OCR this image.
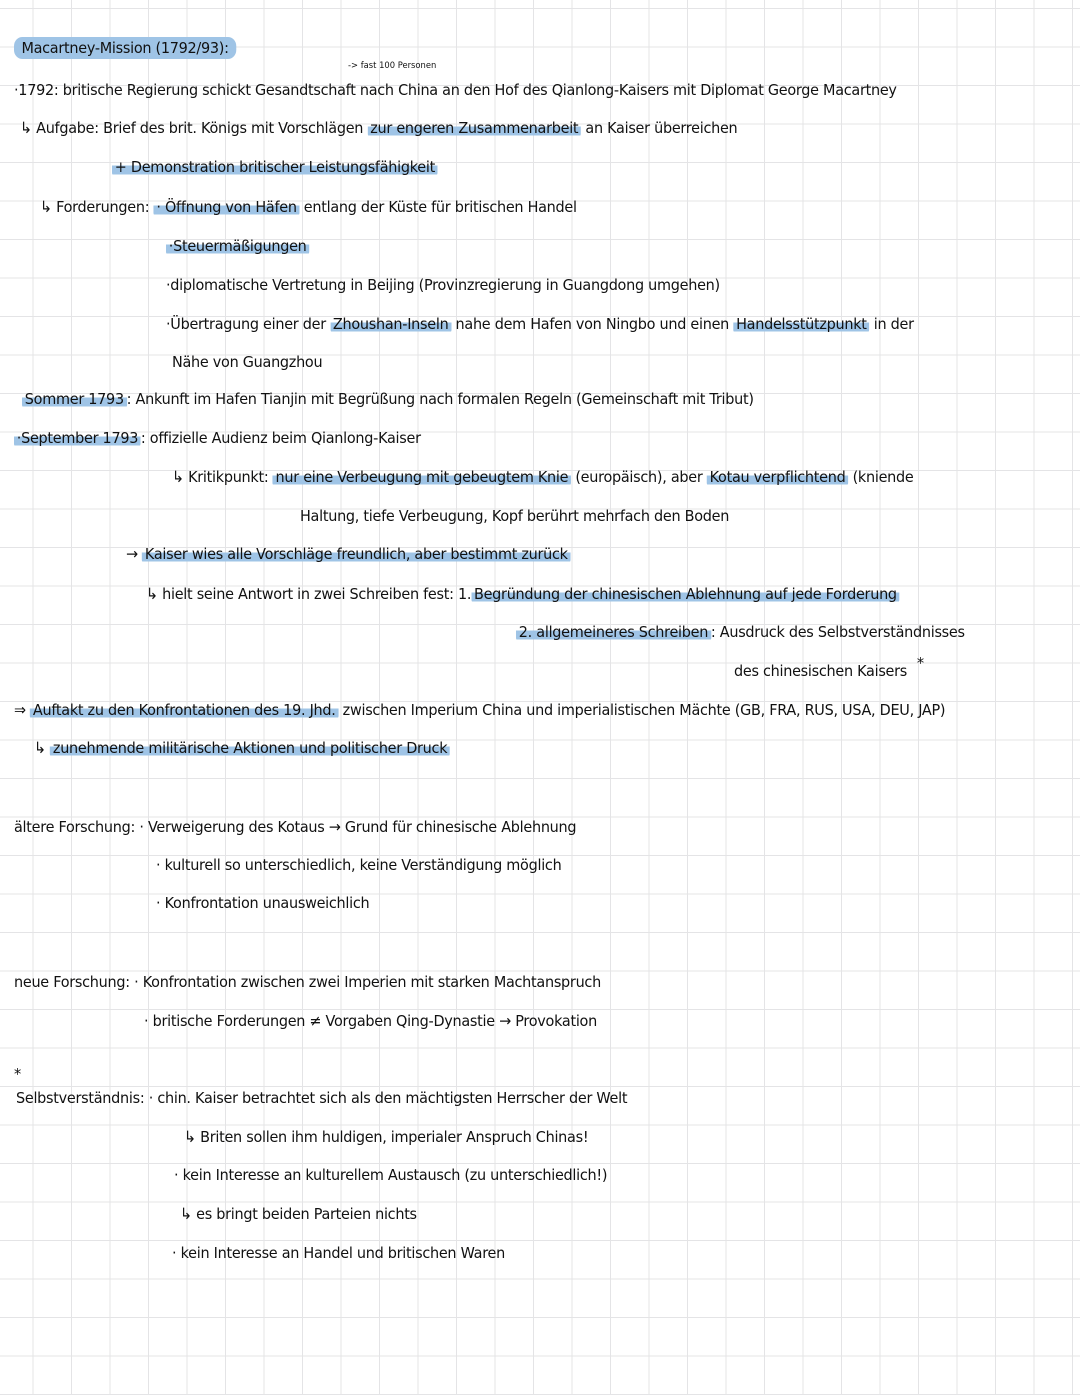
Macartney-Mission (1792/93):
-> fast 100 Personen
·1792: britische Regierung schickt Gesandtschaft nach China an den Hof des Qianlong-Kaisers mit Diplomat George Macartney
↳ Aufgabe: Brief des brit. Königs mit Vorschlägen zur engeren Zusammenarbeit an Kaiser überreichen
+ Demonstration britischer Leistungsfähigkeit
↳ Forderungen: · Öffnung von Häfen entlang der Küste für britischen Handel
·Steuermäßigungen
·diplomatische Vertretung in Beijing (Provinzregierung in Guangdong umgehen)
·Übertragung einer der Zhoushan-Inseln nahe dem Hafen von Ningbo und einen Handelsstützpunkt in der
Nähe von Guangzhou
Sommer 1793 : Ankunft im Hafen Tianjin mit Begrüßung nach formalen Regeln (Gemeinschaft mit Tribut)
·September 1793 : offizielle Audienz beim Qianlong-Kaiser
↳ Kritikpunkt: nur eine Verbeugung mit gebeugtem Knie (europäisch), aber Kotau verpflichtend (kniende
Haltung, tiefe Verbeugung, Kopf berührt mehrfach den Boden
→ Kaiser wies alle Vorschläge freundlich, aber bestimmt zurück
↳ hielt seine Antwort in zwei Schreiben fest: 1. Begründung der chinesischen Ablehnung auf jede Forderung
2. allgemeineres Schreiben : Ausdruck des Selbstverständnisses
des chinesischen Kaisers *
⇒ Auftakt zu den Konfrontationen des 19. Jhd. zwischen Imperium China und imperialistischen Mächte (GB, FRA, RUS, USA, DEU, JAP)
↳ zunehmende militärische Aktionen und politischer Druck
ältere Forschung: · Verweigerung des Kotaus → Grund für chinesische Ablehnung
· kulturell so unterschiedlich, keine Verständigung möglich
· Konfrontation unausweichlich
neue Forschung: · Konfrontation zwischen zwei Imperien mit starken Machtanspruch
· britische Forderungen ≠ Vorgaben Qing-Dynastie → Provokation
*
Selbstverständnis: · chin. Kaiser betrachtet sich als den mächtigsten Herrscher der Welt
↳ Briten sollen ihm huldigen, imperialer Anspruch Chinas!
· kein Interesse an kulturellem Austausch (zu unterschiedlich!)
↳ es bringt beiden Parteien nichts
· kein Interesse an Handel und britischen Waren
